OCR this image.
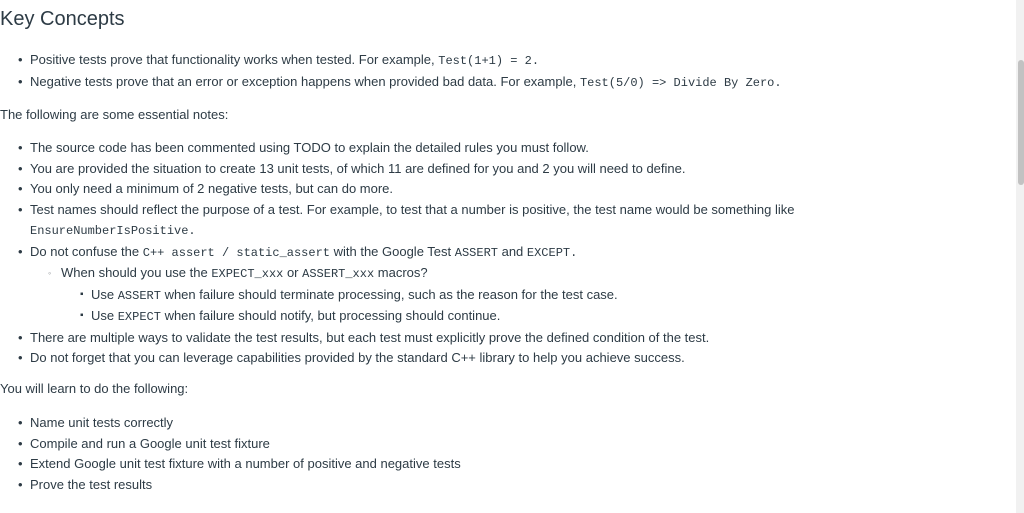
Key Concepts
• Positive tests prove that functionality works when tested. For example, Test(1+1) = 2.
• Negative tests prove that an error or exception happens when provided bad data. For example, Test(5/0) => Divide By Zero.

The following are some essential notes:

• The source code has been commented using TODO to explain the detailed rules you must follow.
• You are provided the situation to create 13 unit tests, of which 11 are defined for you and 2 you will need to define.
• You only need a minimum of 2 negative tests, but can do more.
• Test names should reflect the purpose of a test. For example, to test that a number is positive, the test name would be something like
EnsureNumberIsPositive.
• Do not confuse the C++ assert / static_assert with the Google Test ASSERT and EXCEPT.
◦ When should you use the EXPECT_xxx or ASSERT_xxx macros?
▪ Use ASSERT when failure should terminate processing, such as the reason for the test case.
▪ Use EXPECT when failure should notify, but processing should continue.
• There are multiple ways to validate the test results, but each test must explicitly prove the defined condition of the test.
• Do not forget that you can leverage capabilities provided by the standard C++ library to help you achieve success.

You will learn to do the following:

• Name unit tests correctly
• Compile and run a Google unit test fixture
• Extend Google unit test fixture with a number of positive and negative tests
• Prove the test results
